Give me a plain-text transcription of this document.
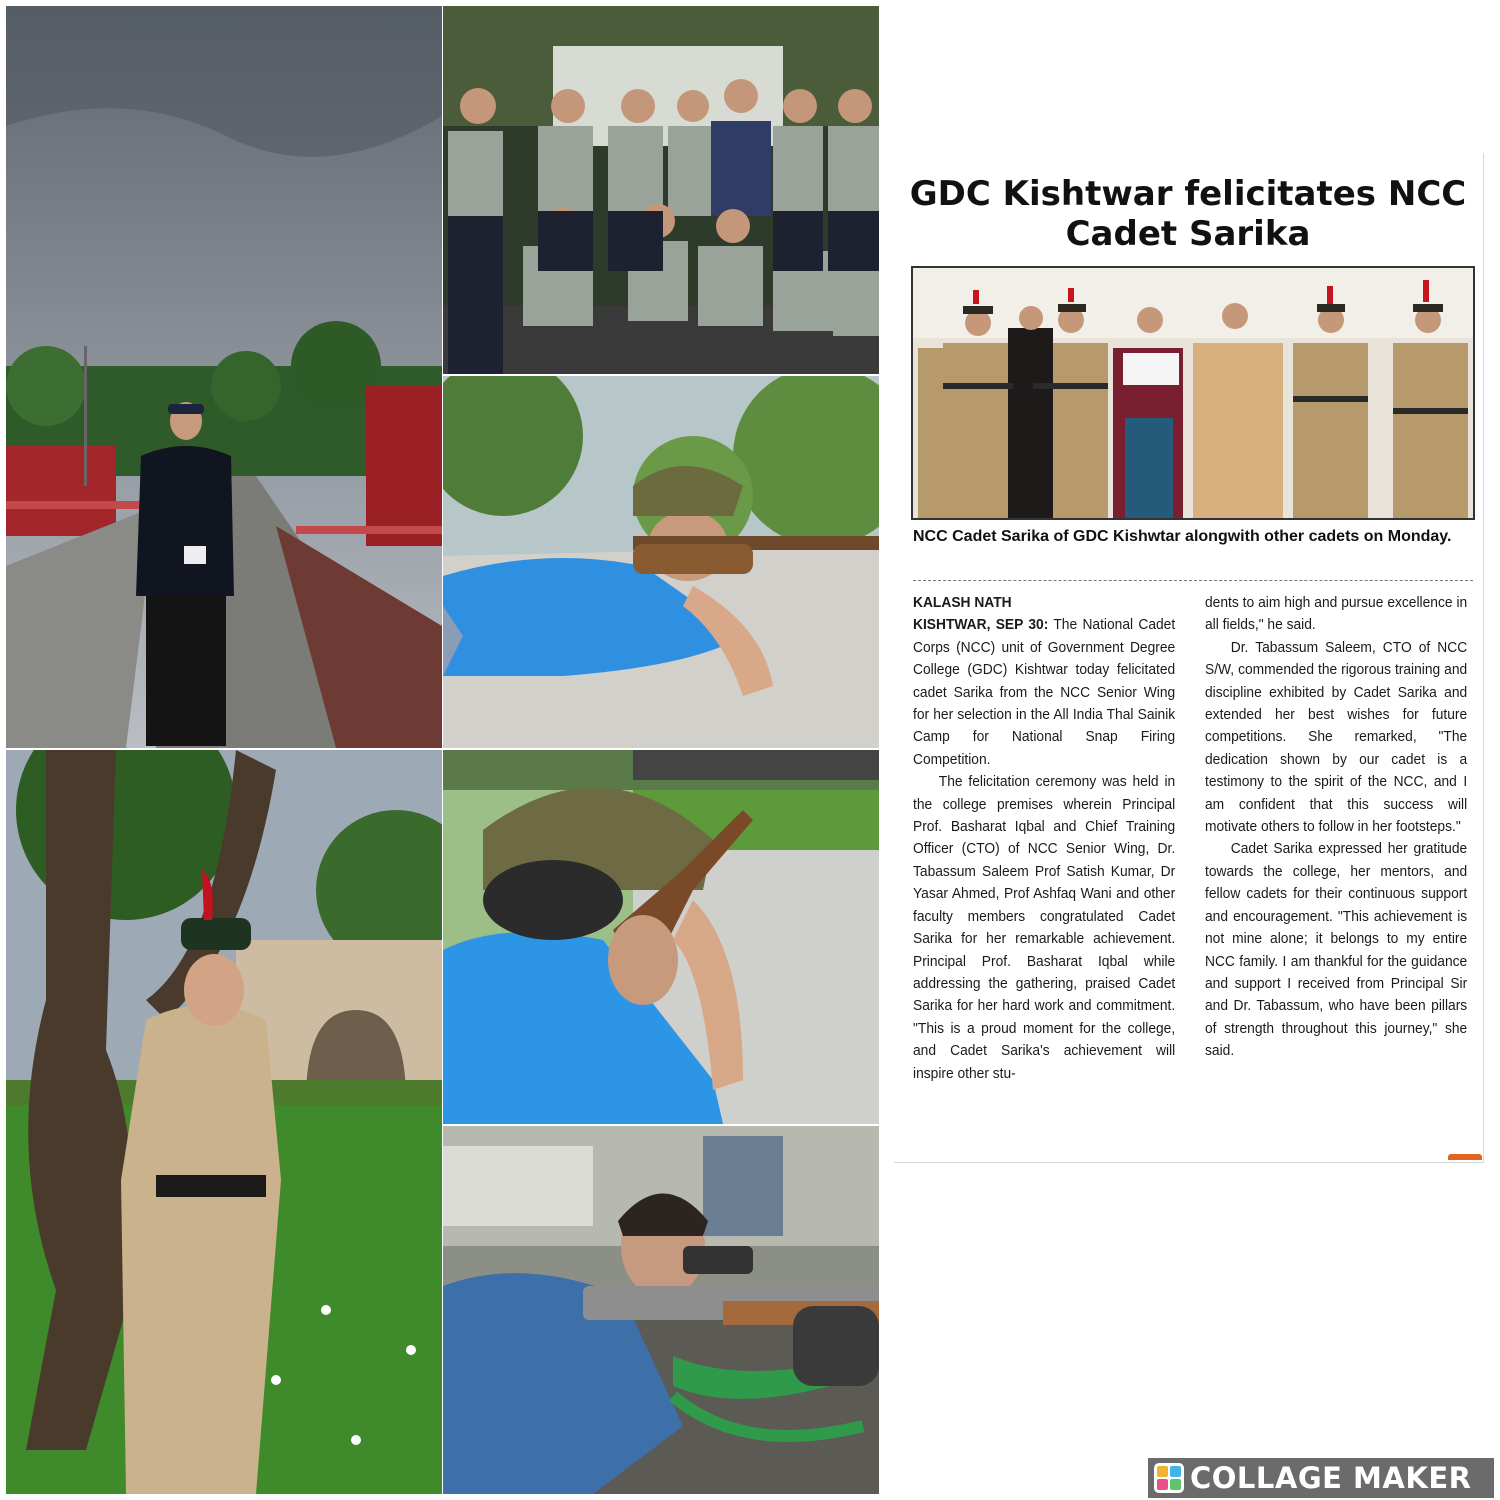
GDC Kishtwar felicitates NCC Cadet Sarika

NCC Cadet Sarika of GDC Kishwtar alongwith other cadets on Monday.

KALASH NATH

KISHTWAR, SEP 30: The National Cadet Corps (NCC) unit of Government Degree College (GDC) Kishtwar today felicitated cadet Sarika from the NCC Senior Wing for her selection in the All India Thal Sainik Camp for National Snap Firing Competition.

The felicitation ceremony was held in the college premises wherein Principal Prof. Basharat Iqbal and Chief Training Officer (CTO) of NCC Senior Wing, Dr. Tabassum Saleem Prof Satish Kumar, Dr Yasar Ahmed, Prof Ashfaq Wani and other faculty members congratulated Cadet Sarika for her remarkable achievement. Principal Prof. Basharat Iqbal while addressing the gathering, praised Cadet Sarika for her hard work and commitment. "This is a proud moment for the college, and Cadet Sarika's achievement will inspire other stu-

dents to aim high and pursue excellence in all fields," he said.

Dr. Tabassum Saleem, CTO of NCC S/W, commended the rigorous training and discipline exhibited by Cadet Sarika and extended her best wishes for future competitions. She remarked, "The dedication shown by our cadet is a testimony to the spirit of the NCC, and I am confident that this success will motivate others to follow in her footsteps."

Cadet Sarika expressed her gratitude towards the college, her mentors, and fellow cadets for their continuous support and encouragement. "This achievement is not mine alone; it belongs to my entire NCC family. I am thankful for the guidance and support I received from Principal Sir and Dr. Tabassum, who have been pillars of strength throughout this journey," she said.

COLLAGE MAKER
